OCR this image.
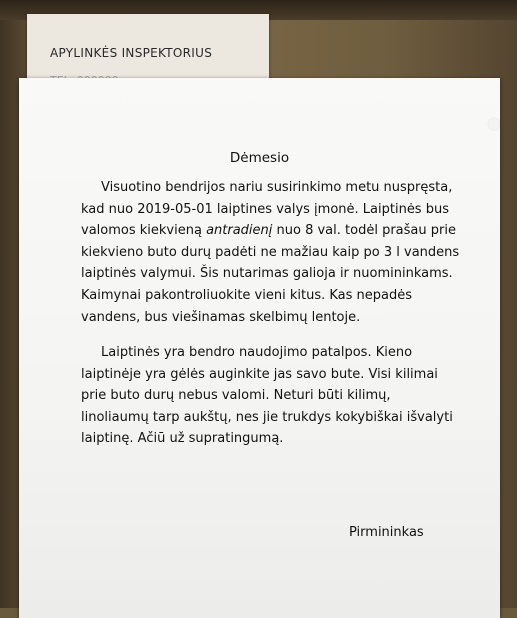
APYLINKĖS INSPEKTORIUS
Dėmesio
Visuotino bendrijos nariu susirinkimo metu nuspręsta,
kad nuo 2019-05-01 laiptines valys įmonė. Laiptinės bus
valomos kiekvieną antradienį nuo 8 val. todėl prašau prie
kiekvieno buto durų padėti ne mažiau kaip po 3 l vandens
laiptinės valymui. Šis nutarimas galioja ir nuomininkams.
Kaimynai pakontroliuokite vieni kitus. Kas nepadės
vandens, bus viešinamas skelbimų lentoje.
Laiptinės yra bendro naudojimo patalpos. Kieno
laiptinėje yra gėlės auginkite jas savo bute. Visi kilimai
prie buto durų nebus valomi. Neturi būti kilimų,
linoliaumų tarp aukštų, nes jie trukdys kokybiškai išvalyti
laiptinę. Ačiū už supratingumą.
Pirmininkas
